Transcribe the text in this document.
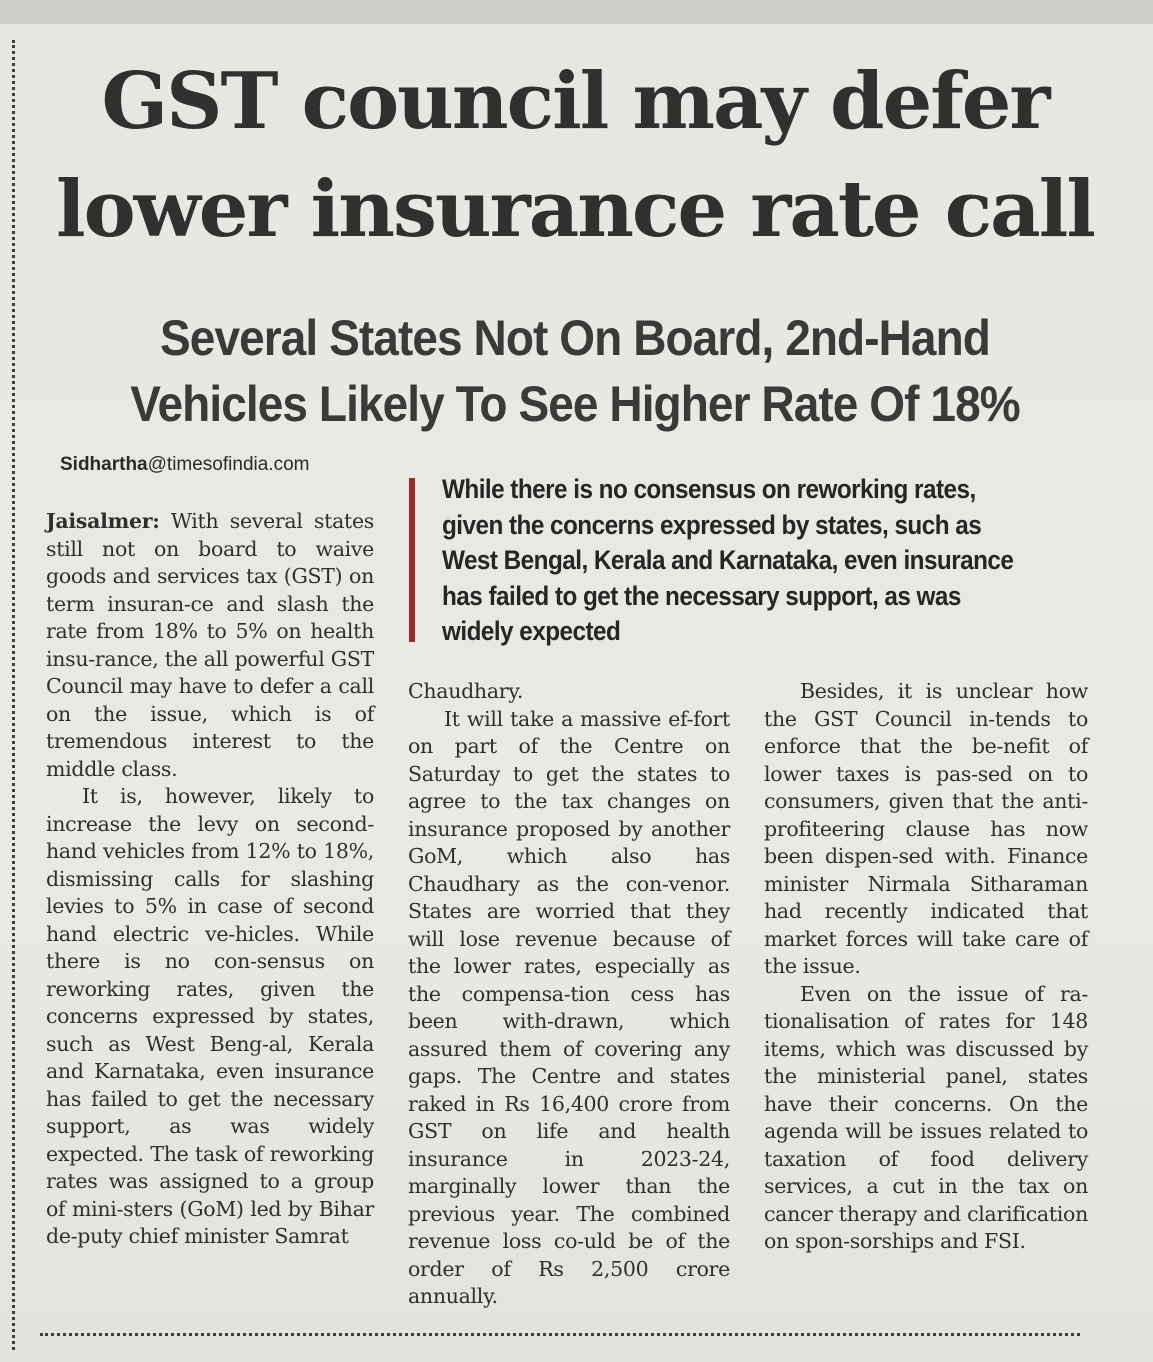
GST council may defer lower insurance rate call
Several States Not On Board, 2nd-Hand Vehicles Likely To See Higher Rate Of 18%
Sidhartha@timesofindia.com

While there is no consensus on reworking rates, given the concerns expressed by states, such as West Bengal, Kerala and Karnataka, even insurance has failed to get the necessary support, as was widely expected

Jaisalmer: With several states still not on board to waive goods and services tax (GST) on term insuran-ce and slash the rate from 18% to 5% on health insu-rance, the all powerful GST Council may have to defer a call on the issue, which is of tremendous interest to the middle class.

It is, however, likely to increase the levy on second-hand vehicles from 12% to 18%, dismissing calls for slashing levies to 5% in case of second hand electric ve-hicles. While there is no con-sensus on reworking rates, given the concerns expressed by states, such as West Beng-al, Kerala and Karnataka, even insurance has failed to get the necessary support, as was widely expected. The task of reworking rates was assigned to a group of mini-sters (GoM) led by Bihar de-puty chief minister Samrat

Chaudhary.

It will take a massive ef-fort on part of the Centre on Saturday to get the states to agree to the tax changes on insurance proposed by another GoM, which also has Chaudhary as the con-venor. States are worried that they will lose revenue because of the lower rates, especially as the compensa-tion cess has been with-drawn, which assured them of covering any gaps. The Centre and states raked in Rs 16,400 crore from GST on life and health insurance in 2023-24, marginally lower than the previous year. The combined revenue loss co-uld be of the order of Rs 2,500 crore annually.

Besides, it is unclear how the GST Council in-tends to enforce that the be-nefit of lower taxes is pas-sed on to consumers, given that the anti-profiteering clause has now been dispen-sed with. Finance minister Nirmala Sitharaman had recently indicated that market forces will take care of the issue.

Even on the issue of ra-tionalisation of rates for 148 items, which was discussed by the ministerial panel, states have their concerns. On the agenda will be issues related to taxation of food delivery services, a cut in the tax on cancer therapy and clarification on spon-sorships and FSI.
